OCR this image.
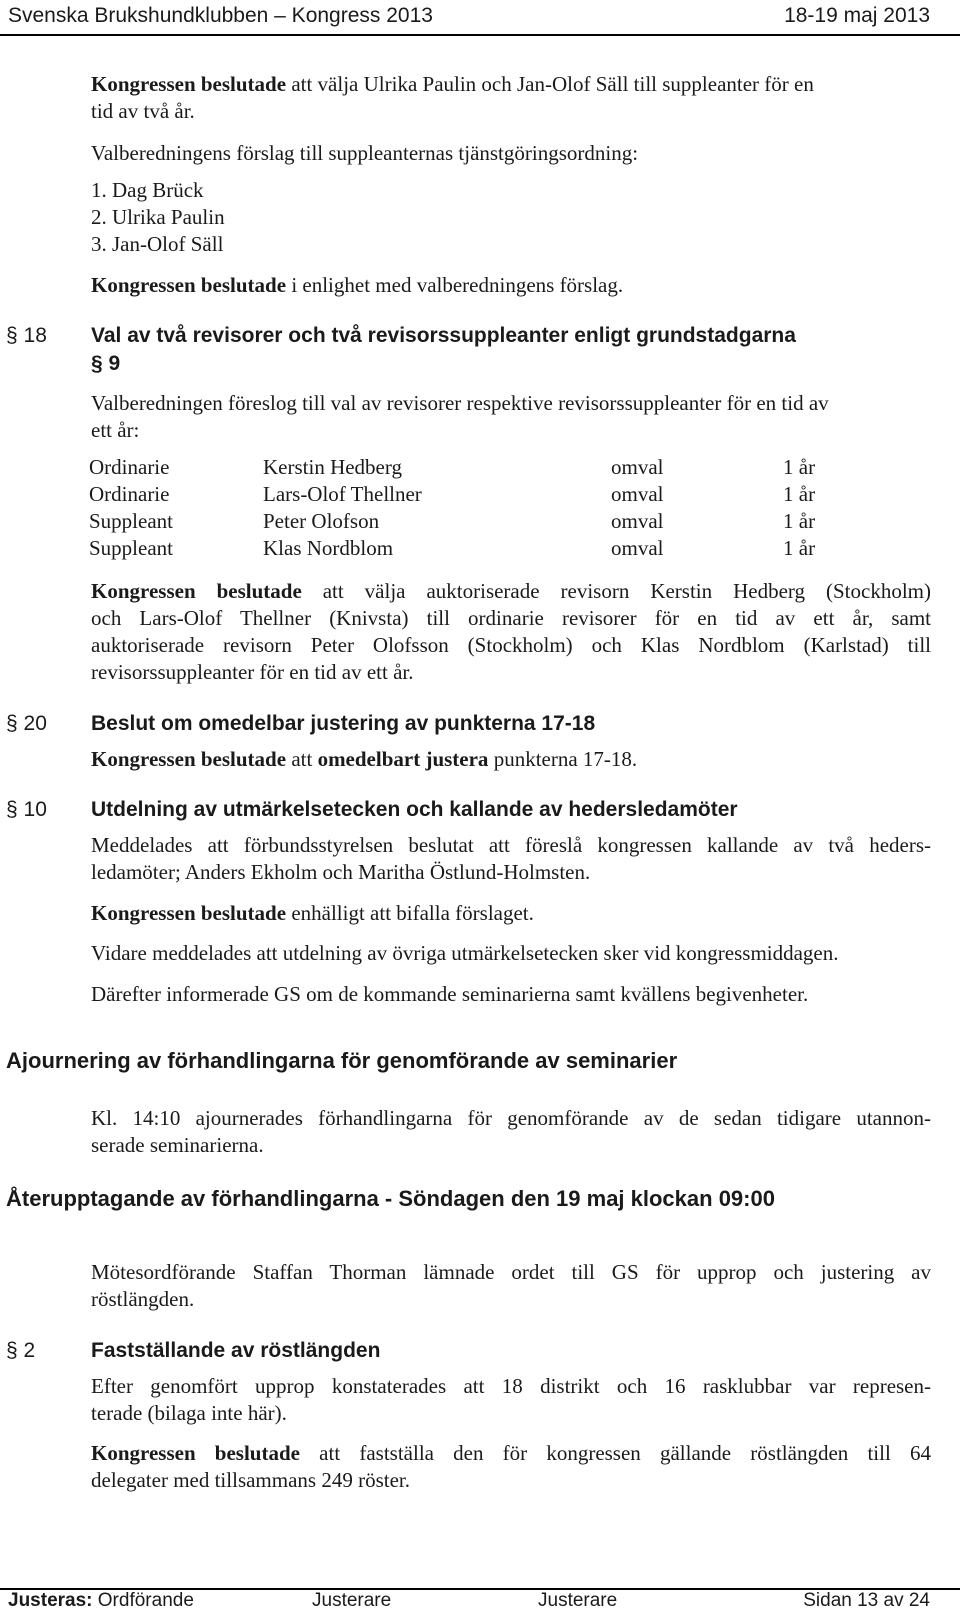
Svenska Brukshundklubben – Kongress 2013	18-19 maj 2013
Kongressen beslutade att välja Ulrika Paulin och Jan-Olof Säll till suppleanter för en
tid av två år.
Valberedningens förslag till suppleanternas tjänstgöringsordning:
1. Dag Brück
2. Ulrika Paulin
3. Jan-Olof Säll
Kongressen beslutade i enlighet med valberedningens förslag.
§ 18 Val av två revisorer och två revisorssuppleanter enligt grundstadgarna
§ 9
Valberedningen föreslog till val av revisorer respektive revisorssuppleanter för en tid av
ett år:
Ordinarie	Kerstin Hedberg	omval	1 år
Ordinarie	Lars-Olof Thellner	omval	1 år
Suppleant	Peter Olofson	omval	1 år
Suppleant	Klas Nordblom	omval	1 år
Kongressen beslutade att välja auktoriserade revisorn Kerstin Hedberg (Stockholm)
och Lars-Olof Thellner (Knivsta) till ordinarie revisorer för en tid av ett år, samt
auktoriserade revisorn Peter Olofsson (Stockholm) och Klas Nordblom (Karlstad) till
revisorssuppleanter för en tid av ett år.
§ 20 Beslut om omedelbar justering av punkterna 17-18
Kongressen beslutade att omedelbart justera punkterna 17-18.
§ 10 Utdelning av utmärkelsetecken och kallande av hedersledamöter
Meddelades att förbundsstyrelsen beslutat att föreslå kongressen kallande av två heders-
ledamöter; Anders Ekholm och Maritha Östlund-Holmsten.
Kongressen beslutade enhälligt att bifalla förslaget.
Vidare meddelades att utdelning av övriga utmärkelsetecken sker vid kongressmiddagen.
Därefter informerade GS om de kommande seminarierna samt kvällens begivenheter.
Ajournering av förhandlingarna för genomförande av seminarier
Kl. 14:10 ajournerades förhandlingarna för genomförande av de sedan tidigare utannon-
serade seminarierna.
Återupptagande av förhandlingarna - Söndagen den 19 maj klockan 09:00
Mötesordförande Staffan Thorman lämnade ordet till GS för upprop och justering av
röstlängden.
§ 2	Fastställande av röstlängden
Efter genomfört upprop konstaterades att 18 distrikt och 16 rasklubbar var represen-
terade (bilaga inte här).
Kongressen beslutade att fastställa den för kongressen gällande röstlängden till 64
delegater med tillsammans 249 röster.
Justeras: Ordförande	Justerare	Justerare	Sidan 13 av 24
